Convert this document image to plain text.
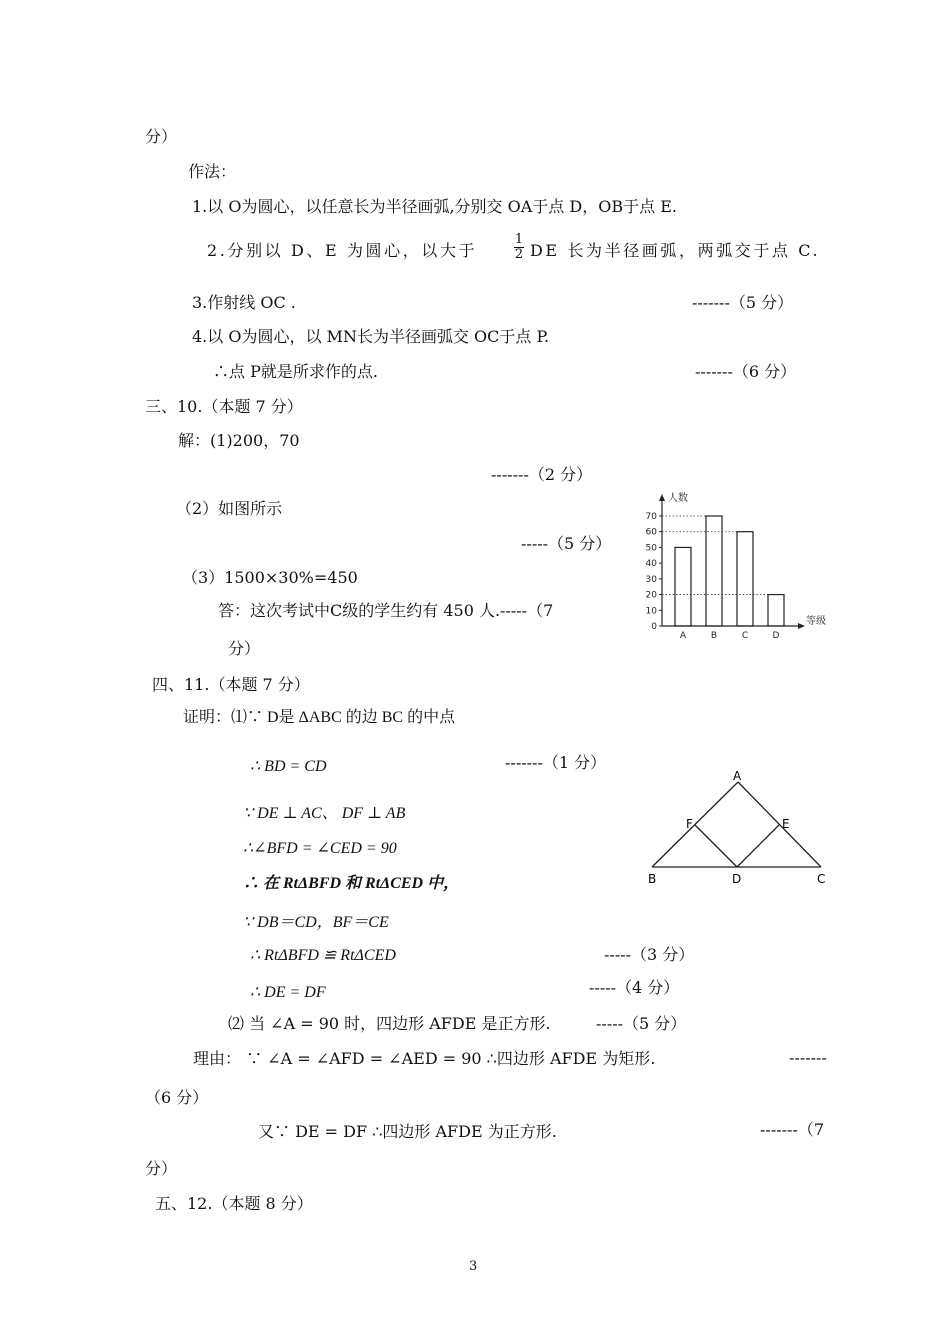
分）
作法：
1.以 O为圆心，以任意长为半径画弧,分别交 OA于点 D，OB于点 E.
2.分别以 D、E 为圆心，以大于
1
2 DE 长为半径画弧，两弧交于点 C.
3.作射线 OC .	-------（5 分）
4.以 O为圆心，以 MN长为半径画弧交 OC于点 P.
∴点 P就是所求作的点.	-------（6 分）
三、10.（本题 7 分）
解：(1)200，70
-------（2 分）
（2）如图所示
-----（5 分）
（3）1500×30%=450
答：这次考试中C级的学生约有 450 人.-----（7
分）
0
10
20
30
40
50
60
70
A	B	C	D
人数
等级
四、11.（本题 7 分）
证明：⑴∵ D是 ΔABC 的边 BC 的中点
∴ BD = CD	-------（1 分）
∵ DE ⊥ AC、 DF ⊥ AB
∴∠BFD = ∠CED = 90
∴ 在 RtΔBFD 和 RtΔCED 中，
∵ DB＝CD，BF＝CE
∴ RtΔBFD ≌ RtΔCED	-----（3 分）
∴ DE = DF	-----（4 分）
⑵ 当 ∠A = 90 时，四边形 AFDE 是正方形.	-----（5 分）
理由： ∵ ∠A = ∠AFD = ∠AED = 90 ∴四边形 AFDE 为矩形.	-------
（6 分）
又∵ DE = DF ∴四边形 AFDE 为正方形.	-------（7
分）
五、12.（本题 8 分）
A
E
F
B	D	C
3
